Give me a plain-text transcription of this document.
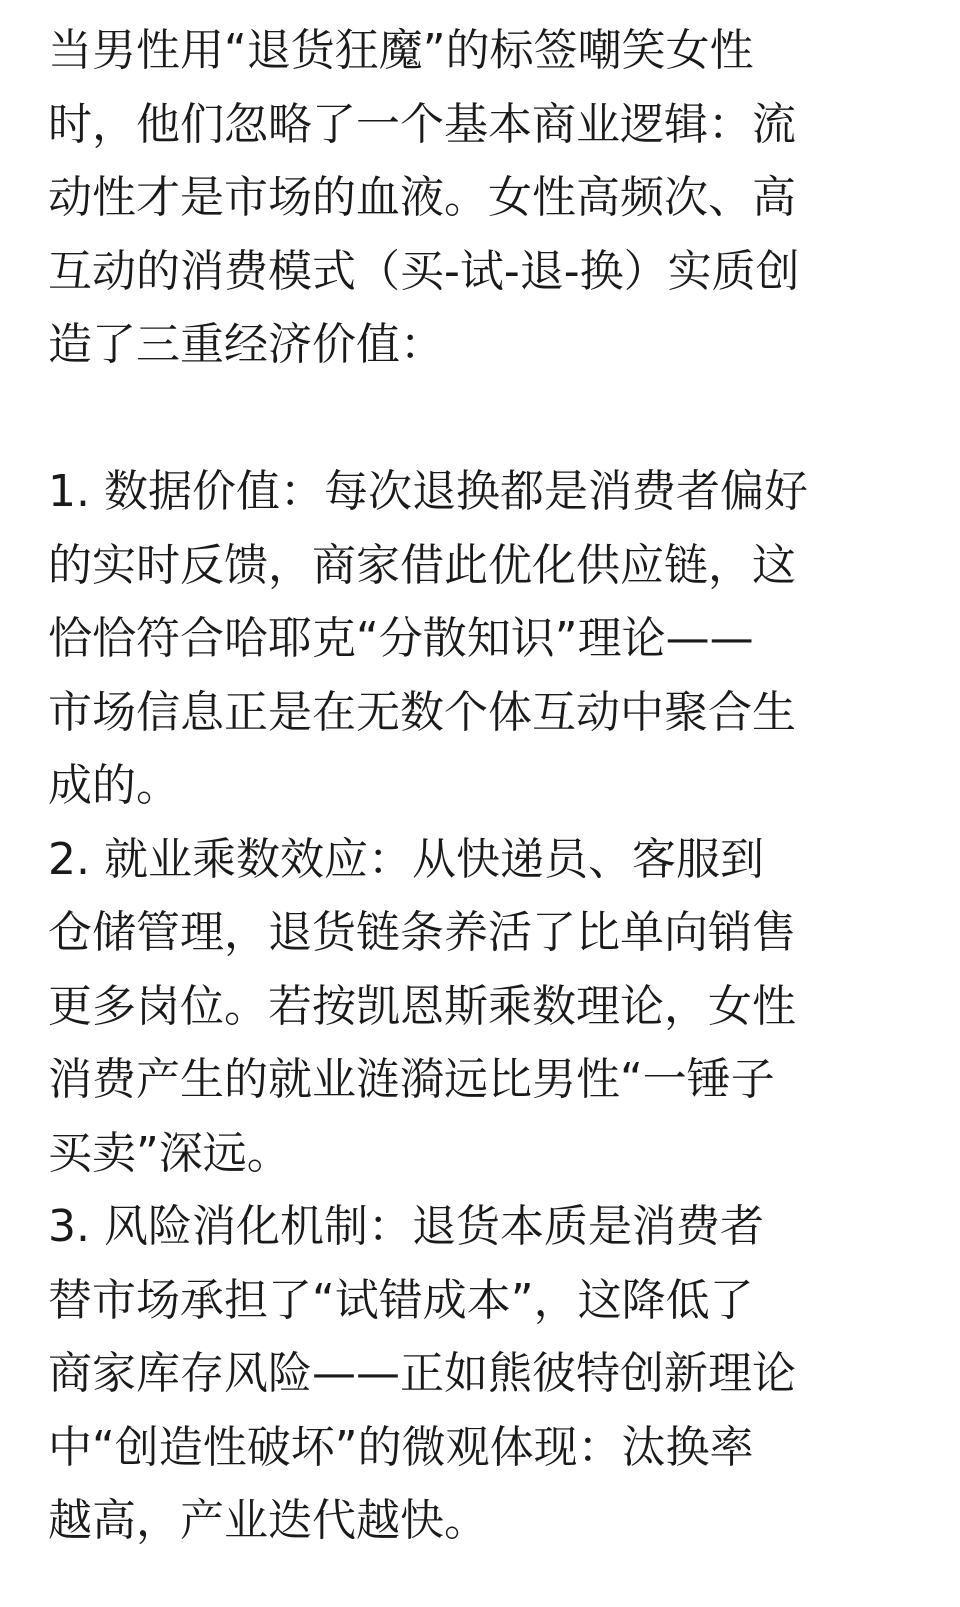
当男性用“退货狂魔”的标签嘲笑女性
时，他们忽略了一个基本商业逻辑：流
动性才是市场的血液。女性高频次、高
互动的消费模式（买-试-退-换）实质创
造了三重经济价值：
1. 数据价值：每次退换都是消费者偏好
的实时反馈，商家借此优化供应链，这
恰恰符合哈耶克“分散知识”理论——
市场信息正是在无数个体互动中聚合生
成的。
2. 就业乘数效应：从快递员、客服到
仓储管理，退货链条养活了比单向销售
更多岗位。若按凯恩斯乘数理论，女性
消费产生的就业涟漪远比男性“一锤子
买卖”深远。
3. 风险消化机制：退货本质是消费者
替市场承担了“试错成本”，这降低了
商家库存风险——正如熊彼特创新理论
中“创造性破坏”的微观体现：汰换率
越高，产业迭代越快。
